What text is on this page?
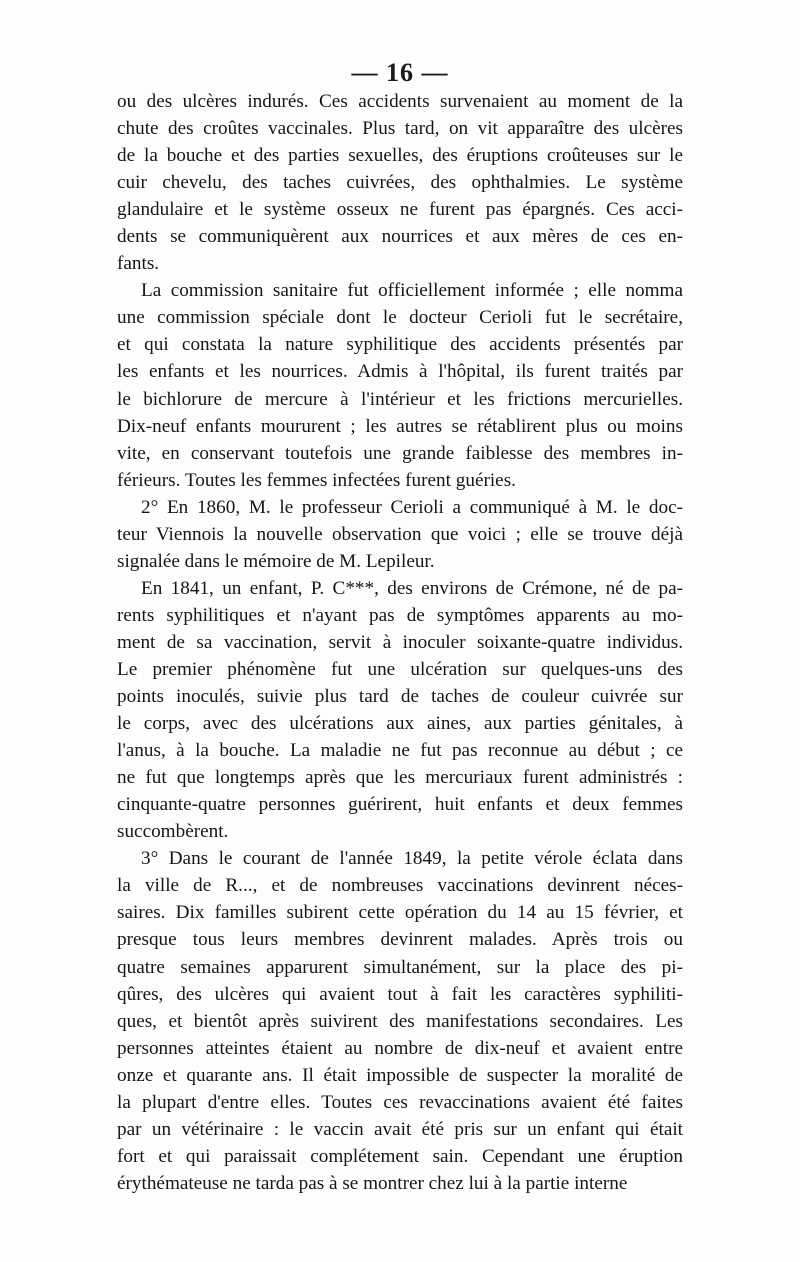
— 16 —
ou des ulcères indurés. Ces accidents survenaient au moment de la
chute des croûtes vaccinales. Plus tard, on vit apparaître des ulcères
de la bouche et des parties sexuelles, des éruptions croûteuses sur le
cuir chevelu, des taches cuivrées, des ophthalmies. Le système
glandulaire et le système osseux ne furent pas épargnés. Ces acci-
dents se communiquèrent aux nourrices et aux mères de ces en-
fants.
La commission sanitaire fut officiellement informée ; elle nomma
une commission spéciale dont le docteur Cerioli fut le secrétaire,
et qui constata la nature syphilitique des accidents présentés par
les enfants et les nourrices. Admis à l'hôpital, ils furent traités par
le bichlorure de mercure à l'intérieur et les frictions mercurielles.
Dix-neuf enfants moururent ; les autres se rétablirent plus ou moins
vite, en conservant toutefois une grande faiblesse des membres in-
férieurs. Toutes les femmes infectées furent guéries.
2° En 1860, M. le professeur Cerioli a communiqué à M. le doc-
teur Viennois la nouvelle observation que voici ; elle se trouve déjà
signalée dans le mémoire de M. Lepileur.
En 1841, un enfant, P. C***, des environs de Crémone, né de pa-
rents syphilitiques et n'ayant pas de symptômes apparents au mo-
ment de sa vaccination, servit à inoculer soixante-quatre individus.
Le premier phénomène fut une ulcération sur quelques-uns des
points inoculés, suivie plus tard de taches de couleur cuivrée sur
le corps, avec des ulcérations aux aines, aux parties génitales, à
l'anus, à la bouche. La maladie ne fut pas reconnue au début ; ce
ne fut que longtemps après que les mercuriaux furent administrés :
cinquante-quatre personnes guérirent, huit enfants et deux femmes
succombèrent.
3° Dans le courant de l'année 1849, la petite vérole éclata dans
la ville de R..., et de nombreuses vaccinations devinrent néces-
saires. Dix familles subirent cette opération du 14 au 15 février, et
presque tous leurs membres devinrent malades. Après trois ou
quatre semaines apparurent simultanément, sur la place des pi-
qûres, des ulcères qui avaient tout à fait les caractères syphiliti-
ques, et bientôt après suivirent des manifestations secondaires. Les
personnes atteintes étaient au nombre de dix-neuf et avaient entre
onze et quarante ans. Il était impossible de suspecter la moralité de
la plupart d'entre elles. Toutes ces revaccinations avaient été faites
par un vétérinaire : le vaccin avait été pris sur un enfant qui était
fort et qui paraissait complétement sain. Cependant une éruption
érythémateuse ne tarda pas à se montrer chez lui à la partie interne
